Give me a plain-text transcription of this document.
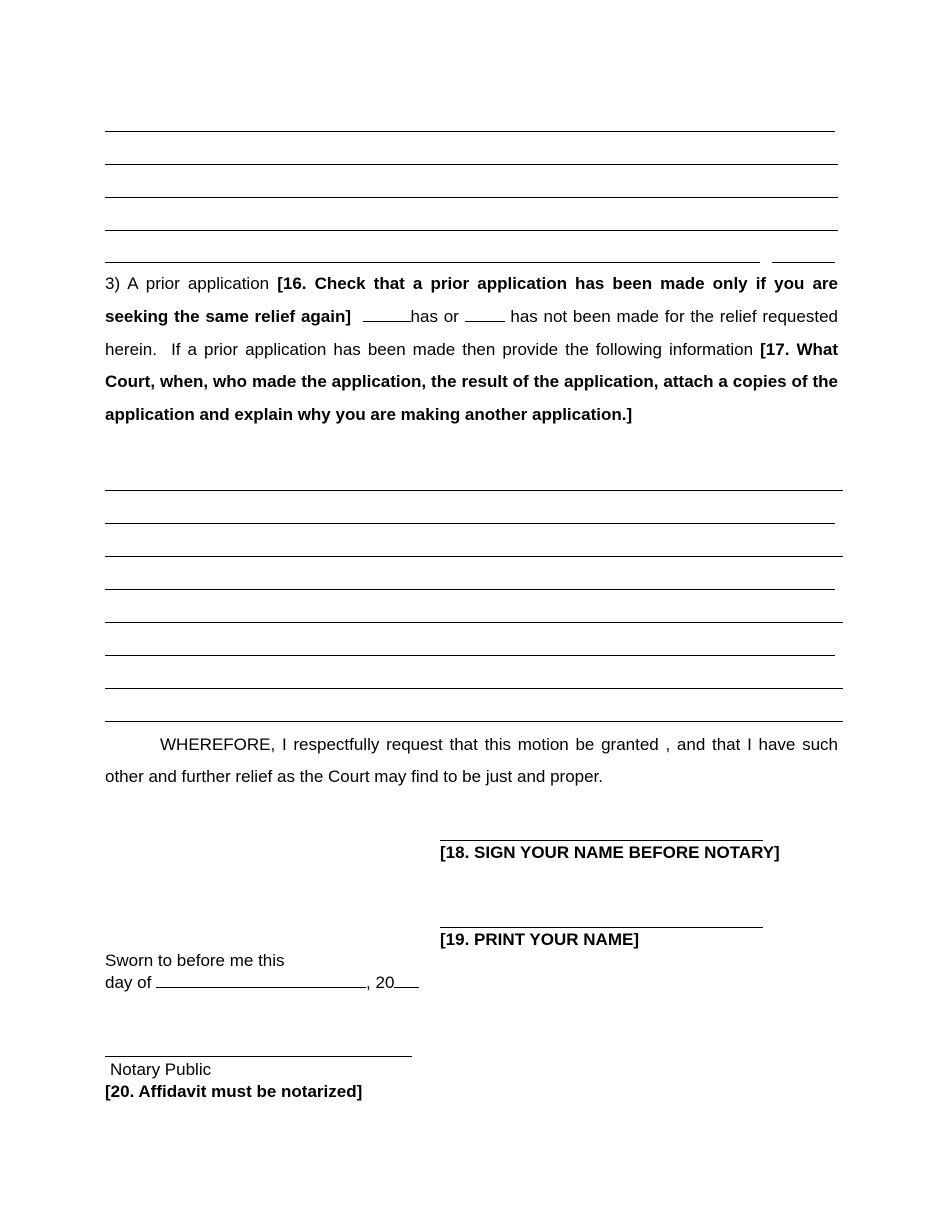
3) A prior application [16. Check that a prior application has been made only if you are seeking the same relief again]	has or	has not been made for the relief requested herein. If a prior application has been made then provide the following information [17. What Court, when, who made the application, the result of the application, attach a copies of the application and explain why you are making another application.]

WHEREFORE, I respectfully request that this motion be granted , and that I have such other and further relief as the Court may find to be just and proper.

[18. SIGN YOUR NAME BEFORE NOTARY]
[19. PRINT YOUR NAME]
Sworn to before me this
day of	, 20
Notary Public
[20. Affidavit must be notarized]
